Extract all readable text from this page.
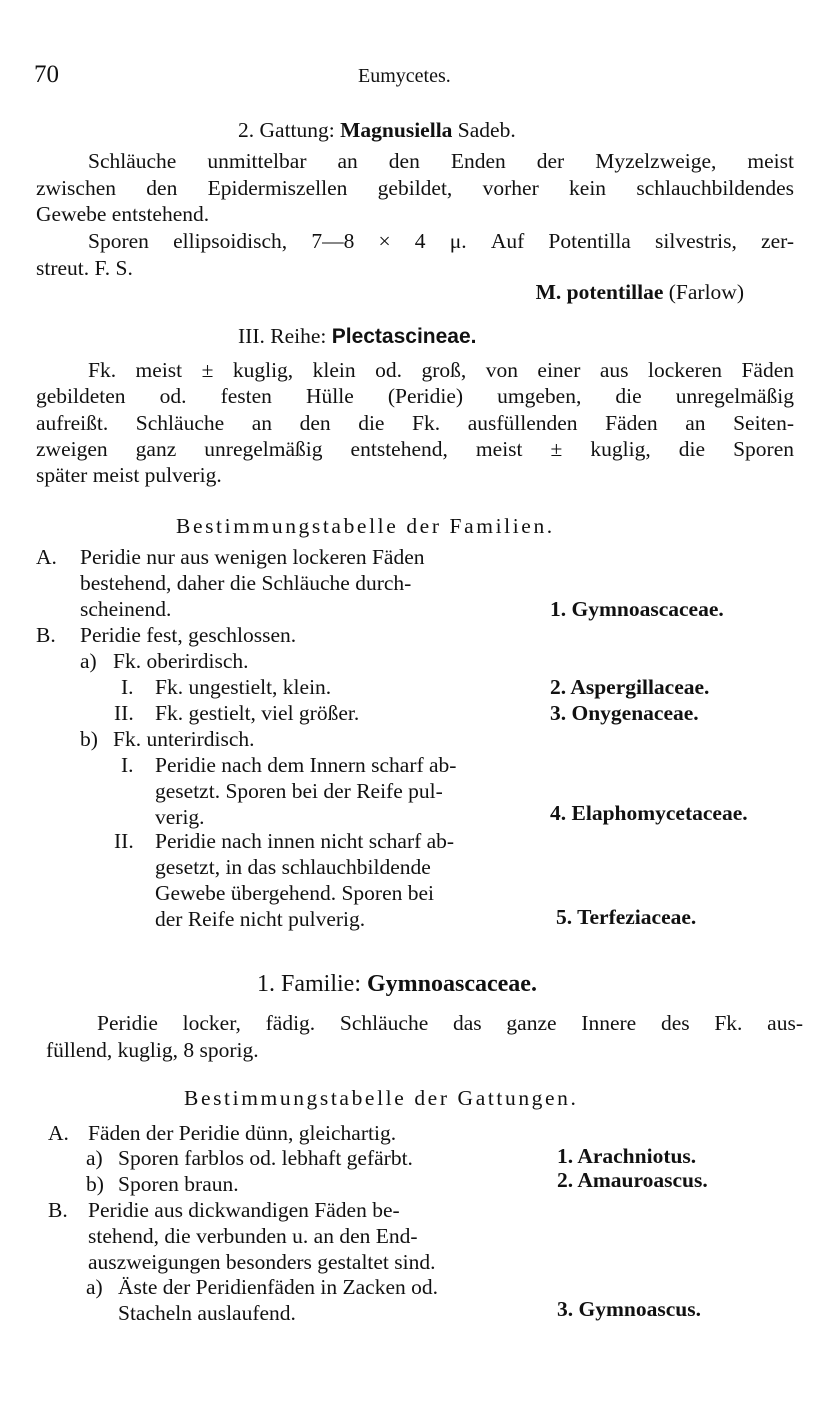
70	Eumycetes.
2. Gattung: Magnusiella Sadeb.
Schläuche unmittelbar an den Enden der Myzelzweige, meist
zwischen den Epidermiszellen gebildet, vorher kein schlauchbildendes
Gewebe entstehend.
Sporen ellipsoidisch, 7—8 × 4 μ. Auf Potentilla silvestris, zer-
streut. F. S.
M. potentillae (Farlow)
III. Reihe: Plectascineae.
Fk. meist ± kuglig, klein od. groß, von einer aus lockeren Fäden
gebildeten od. festen Hülle (Peridie) umgeben, die unregelmäßig
aufreißt. Schläuche an den die Fk. ausfüllenden Fäden an Seiten-
zweigen ganz unregelmäßig entstehend, meist ± kuglig, die Sporen
später meist pulverig.
Bestimmungstabelle der Familien.
A. Peridie nur aus wenigen lockeren Fäden
bestehend, daher die Schläuche durch-
scheinend.	1. Gymnoascaceae.
B. Peridie fest, geschlossen.
a) Fk. oberirdisch.
I. Fk. ungestielt, klein.	2. Aspergillaceae.
II. Fk. gestielt, viel größer.	3. Onygenaceae.
b) Fk. unterirdisch.
I. Peridie nach dem Innern scharf ab-
gesetzt. Sporen bei der Reife pul-
verig.	4. Elaphomycetaceae.
II. Peridie nach innen nicht scharf ab-
gesetzt, in das schlauchbildende
Gewebe übergehend. Sporen bei
der Reife nicht pulverig.	5. Terfeziaceae.
1. Familie: Gymnoascaceae.
Peridie locker, fädig. Schläuche das ganze Innere des Fk. aus-
füllend, kuglig, 8 sporig.
Bestimmungstabelle der Gattungen.
A. Fäden der Peridie dünn, gleichartig.
a) Sporen farblos od. lebhaft gefärbt.	1. Arachniotus.
b) Sporen braun.	2. Amauroascus.
B. Peridie aus dickwandigen Fäden be-
stehend, die verbunden u. an den End-
auszweigungen besonders gestaltet sind.
a) Äste der Peridienfäden in Zacken od.
Stacheln auslaufend.	3. Gymnoascus.
